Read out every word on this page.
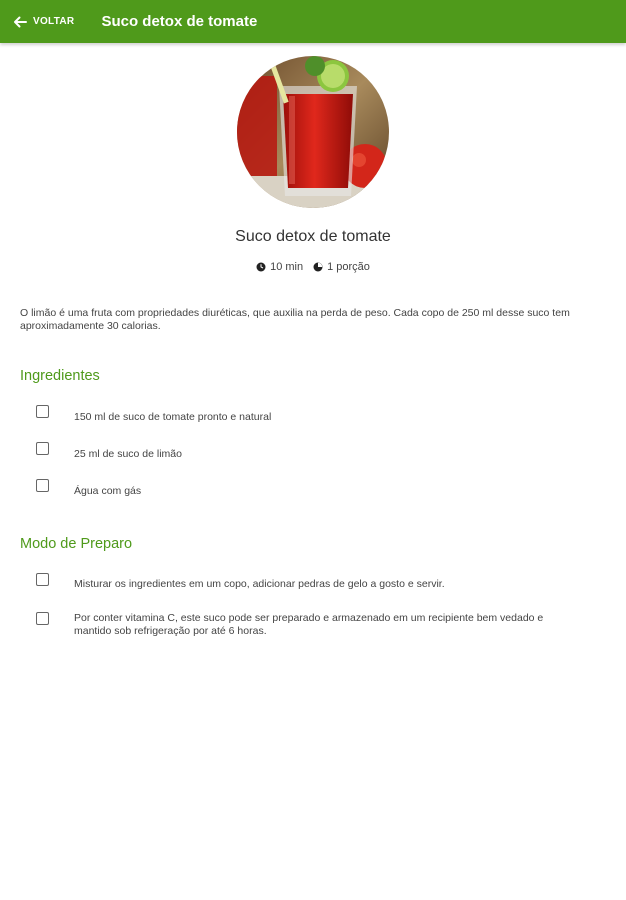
VOLTAR Suco detox de tomate
Suco detox de tomate
10 min 1 porção
O limão é uma fruta com propriedades diuréticas, que auxilia na perda de peso. Cada copo de 250 ml desse suco tem aproximadamente 30 calorias.
Ingredientes
150 ml de suco de tomate pronto e natural
25 ml de suco de limão
Água com gás
Modo de Preparo
Misturar os ingredientes em um copo, adicionar pedras de gelo a gosto e servir.
Por conter vitamina C, este suco pode ser preparado e armazenado em um recipiente bem vedado e mantido sob refrigeração por até 6 horas.
